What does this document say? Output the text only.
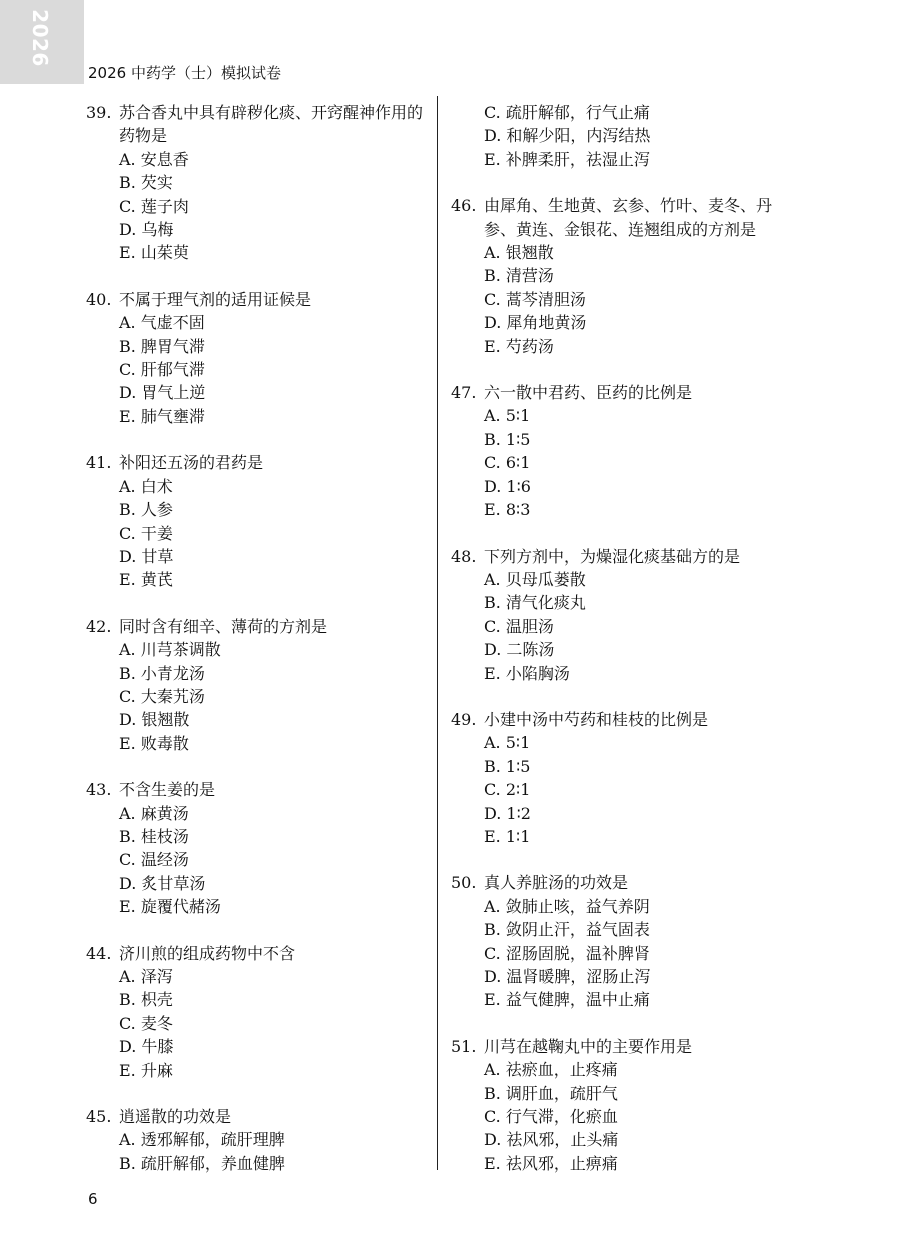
2026
2026 中药学（士）模拟试卷
39. 苏合香丸中具有辟秽化痰、开窍醒神作用的药物是
A. 安息香
B. 芡实
C. 莲子肉
D. 乌梅
E. 山茱萸
40. 不属于理气剂的适用证候是
A. 气虚不固
B. 脾胃气滞
C. 肝郁气滞
D. 胃气上逆
E. 肺气壅滞
41. 补阳还五汤的君药是
A. 白术
B. 人参
C. 干姜
D. 甘草
E. 黄芪
42. 同时含有细辛、薄荷的方剂是
A. 川芎茶调散
B. 小青龙汤
C. 大秦艽汤
D. 银翘散
E. 败毒散
43. 不含生姜的是
A. 麻黄汤
B. 桂枝汤
C. 温经汤
D. 炙甘草汤
E. 旋覆代赭汤
44. 济川煎的组成药物中不含
A. 泽泻
B. 枳壳
C. 麦冬
D. 牛膝
E. 升麻
45. 逍遥散的功效是
A. 透邪解郁，疏肝理脾
B. 疏肝解郁，养血健脾
C. 疏肝解郁，行气止痛
D. 和解少阳，内泻结热
E. 补脾柔肝，祛湿止泻
46. 由犀角、生地黄、玄参、竹叶、麦冬、丹参、黄连、金银花、连翘组成的方剂是
A. 银翘散
B. 清营汤
C. 蒿芩清胆汤
D. 犀角地黄汤
E. 芍药汤
47. 六一散中君药、臣药的比例是
A. 5∶1
B. 1∶5
C. 6∶1
D. 1∶6
E. 8∶3
48. 下列方剂中，为燥湿化痰基础方的是
A. 贝母瓜蒌散
B. 清气化痰丸
C. 温胆汤
D. 二陈汤
E. 小陷胸汤
49. 小建中汤中芍药和桂枝的比例是
A. 5∶1
B. 1∶5
C. 2∶1
D. 1∶2
E. 1∶1
50. 真人养脏汤的功效是
A. 敛肺止咳，益气养阴
B. 敛阴止汗，益气固表
C. 涩肠固脱，温补脾肾
D. 温肾暖脾，涩肠止泻
E. 益气健脾，温中止痛
51. 川芎在越鞠丸中的主要作用是
A. 祛瘀血，止疼痛
B. 调肝血，疏肝气
C. 行气滞，化瘀血
D. 祛风邪，止头痛
E. 祛风邪，止痹痛
6
